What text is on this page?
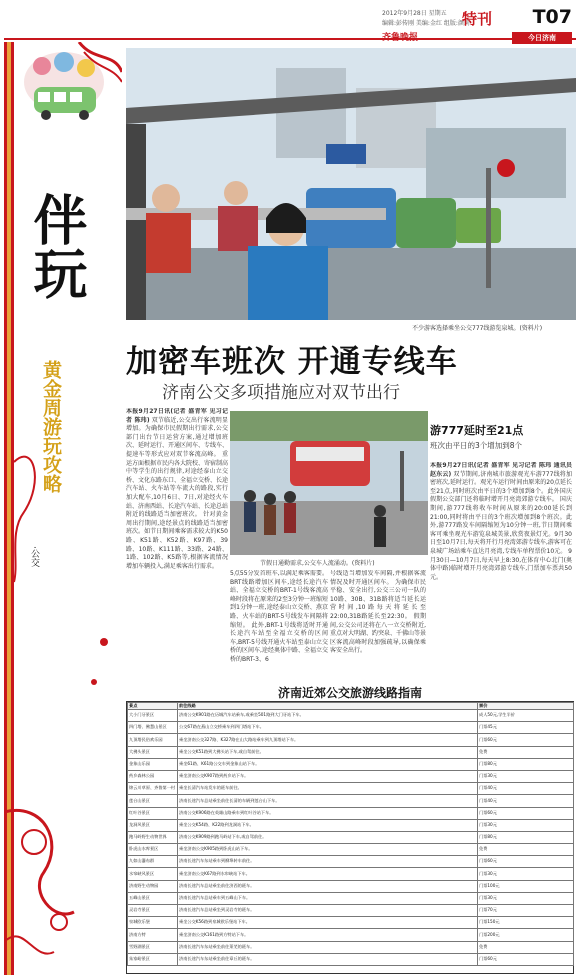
2012年9月28日 星期五
编辑:彭传刚 美编:金红 组版:颜莉
特刊 T07
齐鲁晚报	今日济南
伴玩
黄金周游玩攻略
·公交
不少游客选择乘坐公交777线游览泉城。(资料片)
加密车班次 开通专线车
济南公交多项措施应对双节出行
本报9月27日讯(记者 盛青军 见习记者 陈玮) 双节临近,公交出行客流明显增加。为确保市民假期出行需求,公交部门出台节日运营方案,通过增加班次、延时运行、开通区间车、专线车、提速车等形式应对双节客流高峰。 重运方面根据市民内各大院校、寄宿制高中等学生的出行规律,对途经泰山立交桥、文化东路东口、全福立交桥、长途汽车站、火车站等车流大的路段,实行加大配车,10月6日、7日,对途经火车站、济南西站、长途汽车站、长途总站附近的线路适当加密班次。 针对黄金周出行期间,途经景点的线路适当加密班次。如节日期间乘客需求较大的K50路、K51路、K52路、K97路、39路、10路、K111路、33路、24路、1路、102路、K5路等,根据客流情况增加车辆投入,满足乘客出行需求。	节假日通勤需求,公交车人流涌动。(资料片)
5点55分发首班车,以满足乘客需要。 BRT线路增加区间车,途经长途汽车站、全福立交桥的BRT-1号线客流高峰时段将在原来的2至3分钟一班缩短到1分钟一班,途经泰山立交桥、燕京路、火车站的BRT-5号线发车间隔将缩短。 此外,BRT-1号线将适时开通长途汽车站至全福立交桥的区间车,BRT-5号线开通火车站至泰山立交桥的区间车,途经奥体中路、全福立交桥的BRT-3、6
号线适当增加发车间隔,并根据客流情况及时开通区间车。 为确保市民平稳、安全出行,公交三公司一队的10路、30B、31B路将适当延长运营时间,10路每天将延长至22:00,31B路延长至22:30。 假期间,公交公司还将在八一立交桥附近,重点对大明湖、趵突泉、千佛山等景区客流高峰时段加强疏导,以确保乘客安全出行。
游777延时至21点
班次由平日的3个增加到8个
本报9月27日讯(记者 盛青军 见习记者 陈玮 通讯员 赵东云) 双节期间,济南城市旅游观光车游777线将加密班次,延时运行。观光车运行时间由原来的20点延长至21点,同时班次由平日的3个增加到8个。此外国庆假期公交部门还将临时增开月亮湾郊游专线车。 国庆期间,游777线将收车时间从原来的20:00延长到21:00,同时将由平日的3个班次增加到8个班次。此外,游777路发车间隔缩短为10分钟一班,节日期间乘客可乘坐观光车游览泉城美景,欣赏夜景灯光。9月30日至10月7日,每天将开行月亮湾郊游专线车,游客可在泉城广场站乘车直达月亮湾,专线车单程票价10元。 9月30日—10月7日,每天早上8:30,在体育中心北门(奥体中路)临时增开月亮湾郊游专线车,门票加车票共50元。
济南近郊公交旅游线路指南
景点	前往线路	票价
大小门牙景区	济南公交K901路在历城汽车站乘车,或乘坐501路到大门牙站下车。	成人50元,学生半价
四门塔、佛慧山景区	公交67路在燕山立交桥乘车到四门塔站下车。	门票45元
九顶塔民俗欢乐园	乘坐济南公交327路、K327路在山大路站乘车到九顶塔站下车。	门票60元
大佛头景区	乘坐公交K51路到大佛头站下车,或自驾前往。	免费
金象山乐园	乘坐61路、K61路公交车到金象山站下车。	门票80元
药乡森林公园	乘坐济南公交K907路到药乡站下车。	门票30元
锦云川草原、齐鲁第一村	乘坐长清汽车站发车的班车前往。	门票40元
莲台山景区	济南长途汽车总站乘坐前往长清的车辆到莲台山下车。	门票40元
红叶谷景区	济南公交K906路在英雄山路乘车到红叶谷站下车。	门票60元
龙洞风景区	乘坐公交K54路、K22路到龙洞站下车。	门票30元
跑马岭野生动物世界	济南公交K909路到跑马岭站下车,或自驾前往。	门票80元
卧虎山水库景区	乘坐济南公交K905路到卧虎山站下车。	免费
九如山瀑布群	济南长途汽车东站乘车到柳埠转车前往。	门票60元
水帘峡风景区	乘坐济南公交K67路到水帘峡站下车。	门票30元
济南野生动物园	济南长途汽车总站乘坐前往济西的班车。	门票100元
五峰山景区	济南长途汽车总站乘车到五峰山下车。	门票30元
灵岩寺景区	济南长途汽车总站乘坐到灵岩寺的班车。	门票70元
泉城欧乐堡	乘坐公交K56路到泉城欧乐堡站下车。	门票150元
济南方特	乘坐济南公交K161路到方特站下车。	门票200元
雪野湖景区	济南长途汽车东站乘坐前往莱芜的班车。	免费
朱家峪景区	济南长途汽车东站乘坐前往章丘的班车。	门票60元
